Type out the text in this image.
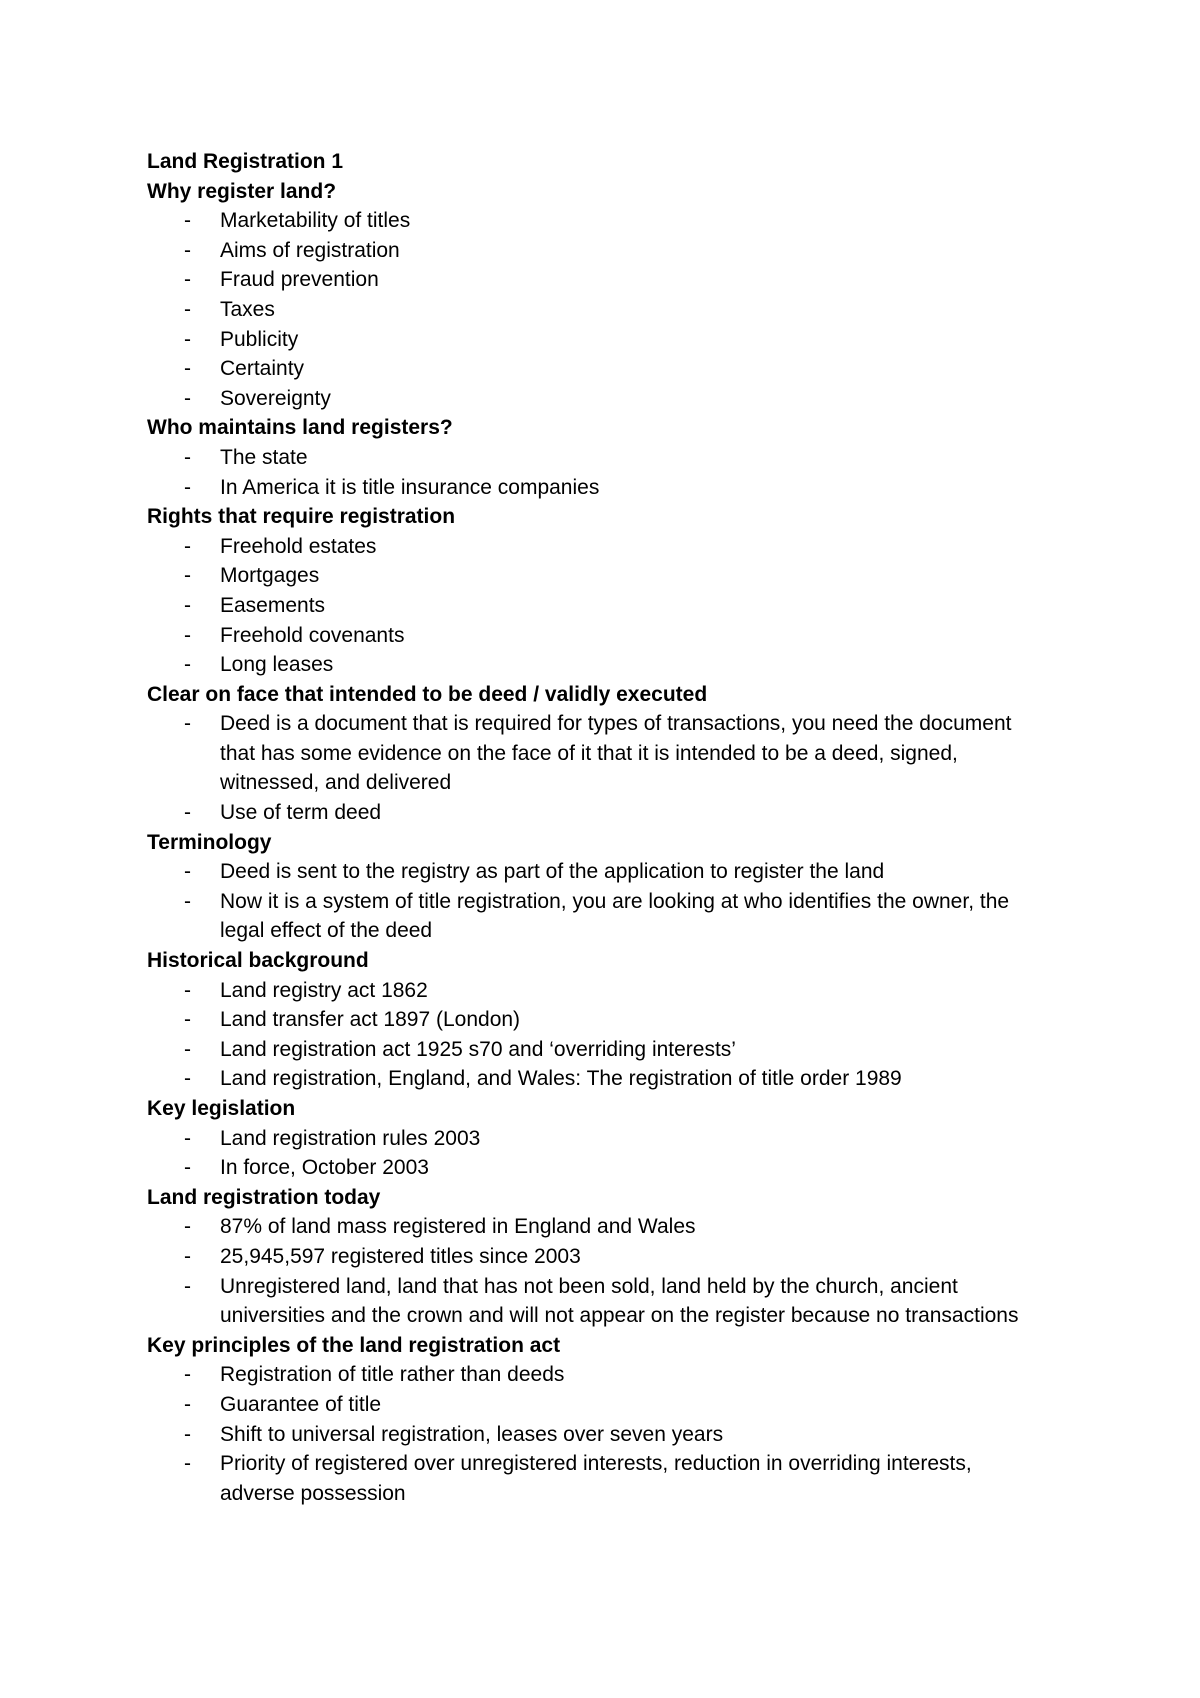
Land Registration 1
Why register land?
- Marketability of titles
- Aims of registration
- Fraud prevention
- Taxes
- Publicity
- Certainty
- Sovereignty
Who maintains land registers?
- The state
- In America it is title insurance companies
Rights that require registration
- Freehold estates
- Mortgages
- Easements
- Freehold covenants
- Long leases
Clear on face that intended to be deed / validly executed
- Deed is a document that is required for types of transactions, you need the document that has some evidence on the face of it that it is intended to be a deed, signed, witnessed, and delivered
- Use of term deed
Terminology
- Deed is sent to the registry as part of the application to register the land
- Now it is a system of title registration, you are looking at who identifies the owner, the legal effect of the deed
Historical background
- Land registry act 1862
- Land transfer act 1897 (London)
- Land registration act 1925 s70 and ‘overriding interests’
- Land registration, England, and Wales: The registration of title order 1989
Key legislation
- Land registration rules 2003
- In force, October 2003
Land registration today
- 87% of land mass registered in England and Wales
- 25,945,597 registered titles since 2003
- Unregistered land, land that has not been sold, land held by the church, ancient universities and the crown and will not appear on the register because no transactions
Key principles of the land registration act
- Registration of title rather than deeds
- Guarantee of title
- Shift to universal registration, leases over seven years
- Priority of registered over unregistered interests, reduction in overriding interests, adverse possession
